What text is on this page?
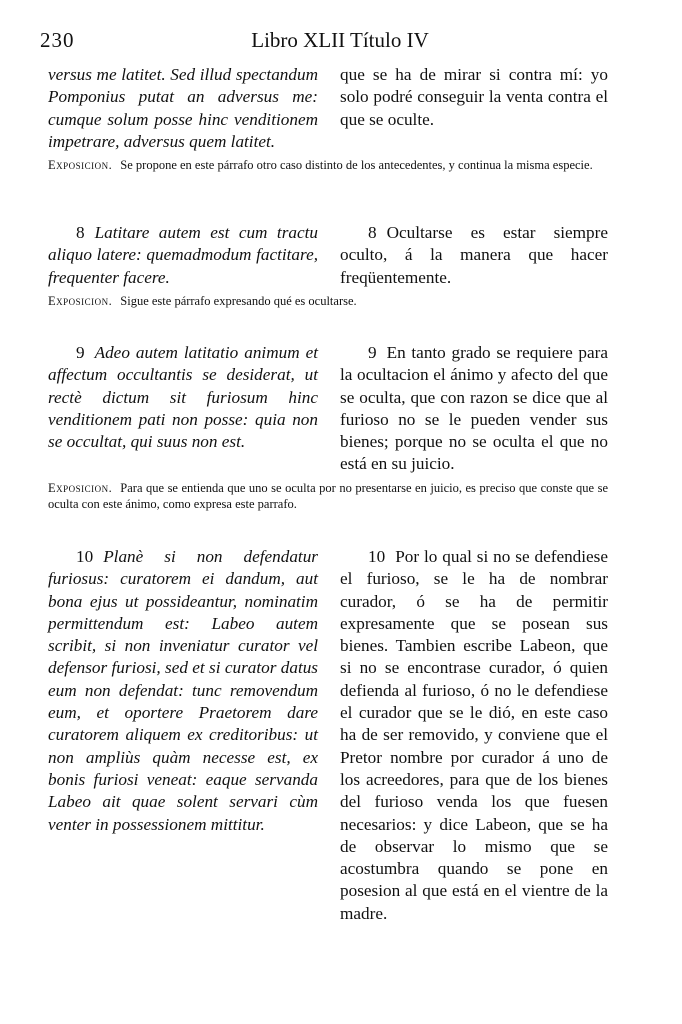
230	Libro XLII Título IV
versus me latitet. Sed illud spectandum Pomponius putat an adversus me: cumque solum posse hinc venditionem impetrare, adversus quem latitet.
que se ha de mirar si contra mí: yo solo podré conseguir la venta contra el que se oculte.
Exposicion. Se propone en este párrafo otro caso distinto de los antecedentes, y continua la misma especie.
8 Latitare autem est cum tractu aliquo latere: quemadmodum factitare, frequenter facere.
8 Ocultarse es estar siempre oculto, á la manera que hacer freqüentemente.
Exposicion. Sigue este párrafo expresando qué es ocultarse.
9 Adeo autem latitatio animum et affectum occultantis se desiderat, ut rectè dictum sit furiosum hinc venditionem pati non posse: quia non se occultat, qui suus non est.
9 En tanto grado se requiere para la ocultacion el ánimo y afecto del que se oculta, que con razon se dice que al furioso no se le pueden vender sus bienes; porque no se oculta el que no está en su juicio.
Exposicion. Para que se entienda que uno se oculta por no presentarse en juicio, es preciso que conste que se oculta con este ánimo, como expresa este parrafo.
10 Planè si non defendatur furiosus: curatorem ei dandum, aut bona ejus ut possideantur, nominatim permittendum est: Labeo autem scribit, si non inveniatur curator vel defensor furiosi, sed et si curator datus eum non defendat: tunc removendum eum, et oportere Praetorem dare curatorem aliquem ex creditoribus: ut non ampliùs quàm necesse est, ex bonis furiosi veneat: eaque servanda Labeo ait quae solent servari cùm venter in possessionem mittitur.
10 Por lo qual si no se defendiese el furioso, se le ha de nombrar curador, ó se ha de permitir expresamente que se posean sus bienes. Tambien escribe Labeon, que si no se encontrase curador, ó quien defienda al furioso, ó no le defendiese el curador que se le dió, en este caso ha de ser removido, y conviene que el Pretor nombre por curador á uno de los acreedores, para que de los bienes del furioso venda los que fuesen necesarios: y dice Labeon, que se ha de observar lo mismo que se acostumbra quando se pone en posesion al que está en el vientre de la madre.
